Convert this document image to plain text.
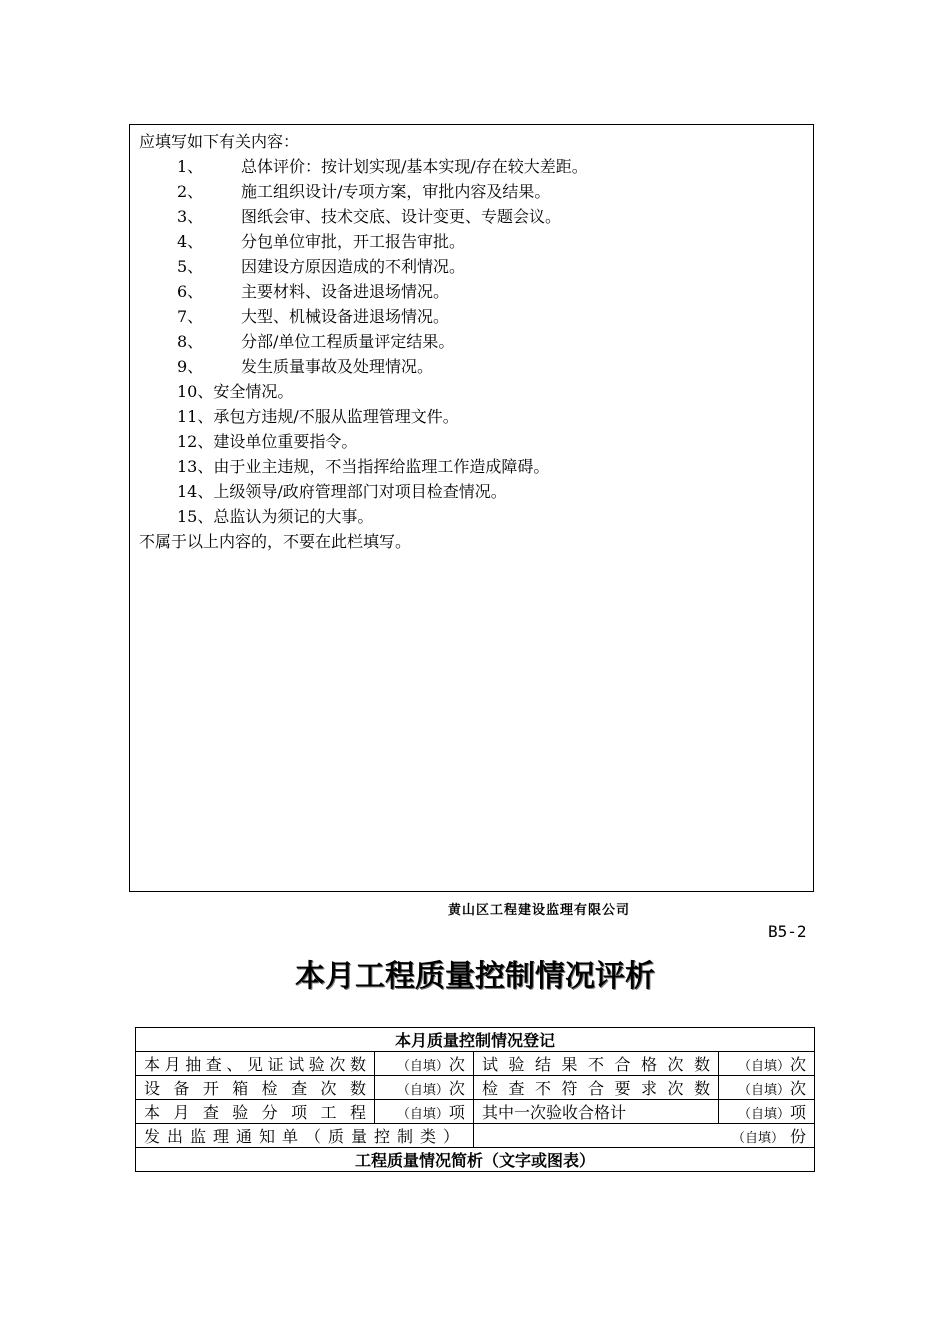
应填写如下有关内容：
1、	总体评价：按计划实现/基本实现/存在较大差距。
2、	施工组织设计/专项方案，审批内容及结果。
3、	图纸会审、技术交底、设计变更、专题会议。
4、	分包单位审批，开工报告审批。
5、	因建设方原因造成的不利情况。
6、	主要材料、设备进退场情况。
7、	大型、机械设备进退场情况。
8、	分部/单位工程质量评定结果。
9、	发生质量事故及处理情况。
10、 安全情况。
11、 承包方违规/不服从监理管理文件。
12、 建设单位重要指令。
13、 由于业主违规，不当指挥给监理工作造成障碍。
14、 上级领导/政府管理部门对项目检查情况。
15、 总监认为须记的大事。
不属于以上内容的，不要在此栏填写。
黄山区工程建设监理有限公司
B5-2
本月工程质量控制情况评析
本月质量控制情况登记			
本月抽查、见证试验次数	（自填）次	试验结果不合格次数	（自填）次
设备开箱检查次数	（自填）次	检查不符合要求次数	（自填）次
本月查验分项工程	（自填）项	其中一次验收合格计	（自填）项
发出监理通知单（质量控制类）		（自填） 份	
工程质量情况简析（文字或图表）			
